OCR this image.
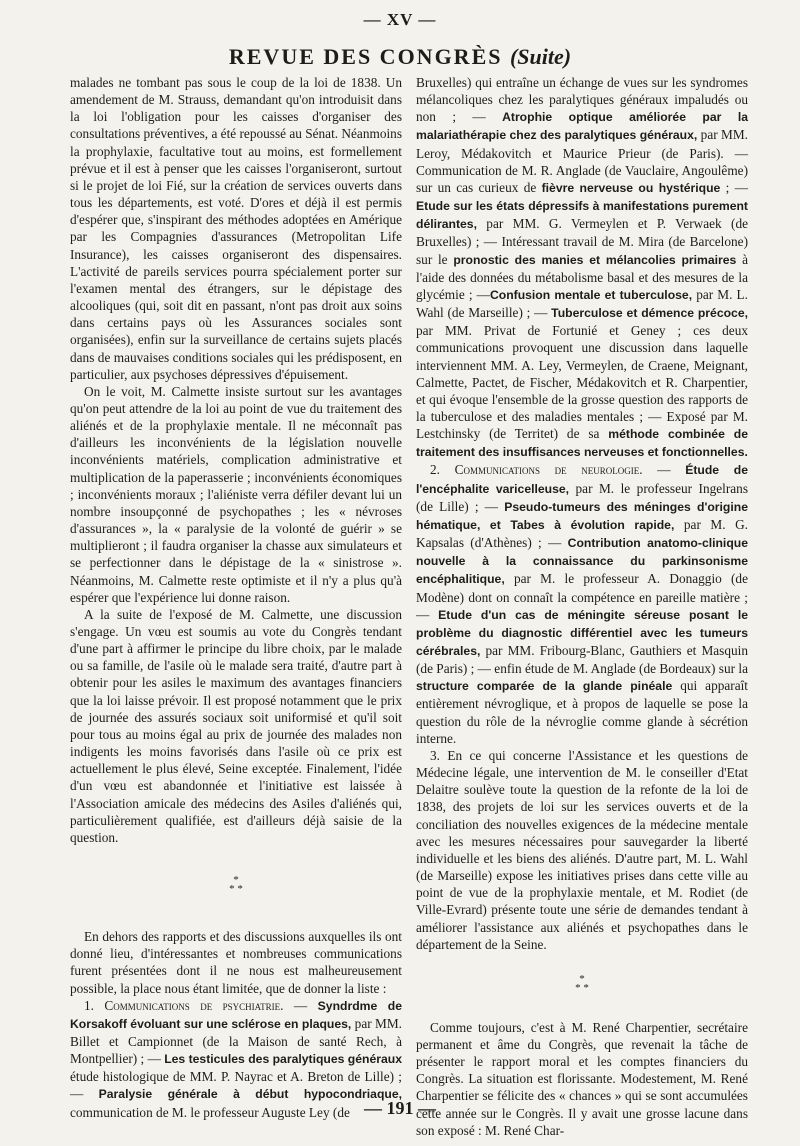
— XV —
REVUE DES CONGRÈS (Suite)

malades ne tombant pas sous le coup de la loi de 1838. Un amendement de M. Strauss, demandant qu'on introduisit dans la loi l'obligation pour les caisses d'organiser des consultations préventives, a été repoussé au Sénat. Néanmoins la prophylaxie, facultative tout au moins, est formellement prévue et il est à penser que les caisses l'organiseront, surtout si le projet de loi Fié, sur la création de services ouverts dans tous les départements, est voté. D'ores et déjà il est permis d'espérer que, s'inspirant des méthodes adoptées en Amérique par les Compagnies d'assurances (Metropolitan Life Insurance), les caisses organiseront des dispensaires. L'activité de pareils services pourra spécialement porter sur l'examen mental des étrangers, sur le dépistage des alcooliques (qui, soit dit en passant, n'ont pas droit aux soins dans certains pays où les Assurances sociales sont organisées), enfin sur la surveillance de certains sujets placés dans de mauvaises conditions sociales qui les prédisposent, en particulier, aux psychoses dépressives d'épuisement.

On le voit, M. Calmette insiste surtout sur les avantages qu'on peut attendre de la loi au point de vue du traitement des aliénés et de la prophylaxie mentale. Il ne méconnaît pas d'ailleurs les inconvénients de la législation nouvelle inconvénients matériels, complication administrative et multiplication de la paperasserie ; inconvénients économiques ; inconvénients moraux ; l'aliéniste verra défiler devant lui un nombre insoupçonné de psychopathes ; les « névroses d'assurances », la « paralysie de la volonté de guérir » se multiplieront ; il faudra organiser la chasse aux simulateurs et se perfectionner dans le dépistage de la « sinistrose ». Néanmoins, M. Calmette reste optimiste et il n'y a plus qu'à espérer que l'expérience lui donne raison.

A la suite de l'exposé de M. Calmette, une discussion s'engage. Un vœu est soumis au vote du Congrès tendant d'une part à affirmer le principe du libre choix, par le malade ou sa famille, de l'asile où le malade sera traité, d'autre part à obtenir pour les asiles le maximum des avantages financiers que la loi laisse prévoir. Il est proposé notamment que le prix de journée des assurés sociaux soit uniformisé et qu'il soit pour tous au moins égal au prix de journée des malades non indigents les moins favorisés dans l'asile où ce prix est actuellement le plus élevé, Seine exceptée. Finalement, l'idée d'un vœu est abandonnée et l'initiative est laissée à l'Association amicale des médecins des Asiles d'aliénés qui, particulièrement qualifiée, est d'ailleurs déjà saisie de la question.

*
* *

En dehors des rapports et des discussions auxquelles ils ont donné lieu, d'intéressantes et nombreuses communications furent présentées dont il ne nous est malheureusement possible, la place nous étant limitée, que de donner la liste :

1. Communications de psychiatrie. — Syndrdme de Korsakoff évoluant sur une sclérose en plaques, par MM. Billet et Campionnet (de la Maison de santé Rech, à Montpellier) ; — Les testicules des paralytiques généraux étude histologique de MM. P. Nayrac et A. Breton de Lille) ; — Paralysie générale à début hypocondriaque, communication de M. le professeur Auguste Ley (de

Bruxelles) qui entraîne un échange de vues sur les syndromes mélancoliques chez les paralytiques généraux impaludés ou non ; — Atrophie optique améliorée par la malariathérapie chez des paralytiques généraux, par MM. Leroy, Médakovitch et Maurice Prieur (de Paris). — Communication de M. R. Anglade (de Vauclaire, Angoulême) sur un cas curieux de fièvre nerveuse ou hystérique ; — Etude sur les états dépressifs à manifestations purement délirantes, par MM. G. Vermeylen et P. Verwaek (de Bruxelles) ; — Intéressant travail de M. Mira (de Barcelone) sur le pronostic des manies et mélancolies primaires à l'aide des données du métabolisme basal et des mesures de la glycémie ; —Confusion mentale et tuberculose, par M. L. Wahl (de Marseille) ; — Tuberculose et démence précoce, par MM. Privat de Fortunié et Geney ; ces deux communications provoquent une discussion dans laquelle interviennent MM. A. Ley, Vermeylen, de Craene, Meignant, Calmette, Pactet, de Fischer, Médakovitch et R. Charpentier, et qui évoque l'ensemble de la grosse question des rapports de la tuberculose et des maladies mentales ; — Exposé par M. Lestchinsky (de Territet) de sa méthode combinée de traitement des insuffisances nerveuses et fonctionnelles.

2. Communications de neurologie. — Étude de l'encéphalite varicelleuse, par M. le professeur Ingelrans (de Lille) ; — Pseudo-tumeurs des méninges d'origine hématique, et Tabes à évolution rapide, par M. G. Kapsalas (d'Athènes) ; — Contribution anatomo-clinique nouvelle à la connaissance du parkinsonisme encéphalitique, par M. le professeur A. Donaggio (de Modène) dont on connaît la compétence en pareille matière ; — Etude d'un cas de méningite séreuse posant le problème du diagnostic différentiel avec les tumeurs cérébrales, par MM. Fribourg-Blanc, Gauthiers et Masquin (de Paris) ; — enfin étude de M. Anglade (de Bordeaux) sur la structure comparée de la glande pinéale qui apparaît entièrement névroglique, et à propos de laquelle se pose la question du rôle de la névroglie comme glande à sécrétion interne.

3. En ce qui concerne l'Assistance et les questions de Médecine légale, une intervention de M. le conseiller d'Etat Delaitre soulève toute la question de la refonte de la loi de 1838, des projets de loi sur les services ouverts et de la conciliation des nouvelles exigences de la médecine mentale avec les mesures nécessaires pour sauvegarder la liberté individuelle et les biens des aliénés. D'autre part, M. L. Wahl (de Marseille) expose les initiatives prises dans cette ville au point de vue de la prophylaxie mentale, et M. Rodiet (de Ville-Evrard) présente toute une série de demandes tendant à améliorer l'assistance aux aliénés et psychopathes dans le département de la Seine.

*
* *

Comme toujours, c'est à M. René Charpentier, secrétaire permanent et âme du Congrès, que revenait la tâche de présenter le rapport moral et les comptes financiers du Congrès. La situation est florissante. Modestement, M. René Charpentier se félicite des « chances » qui se sont accumulées cette année sur le Congrès. Il y avait une grosse lacune dans son exposé : M. René Char-

— 191 —
